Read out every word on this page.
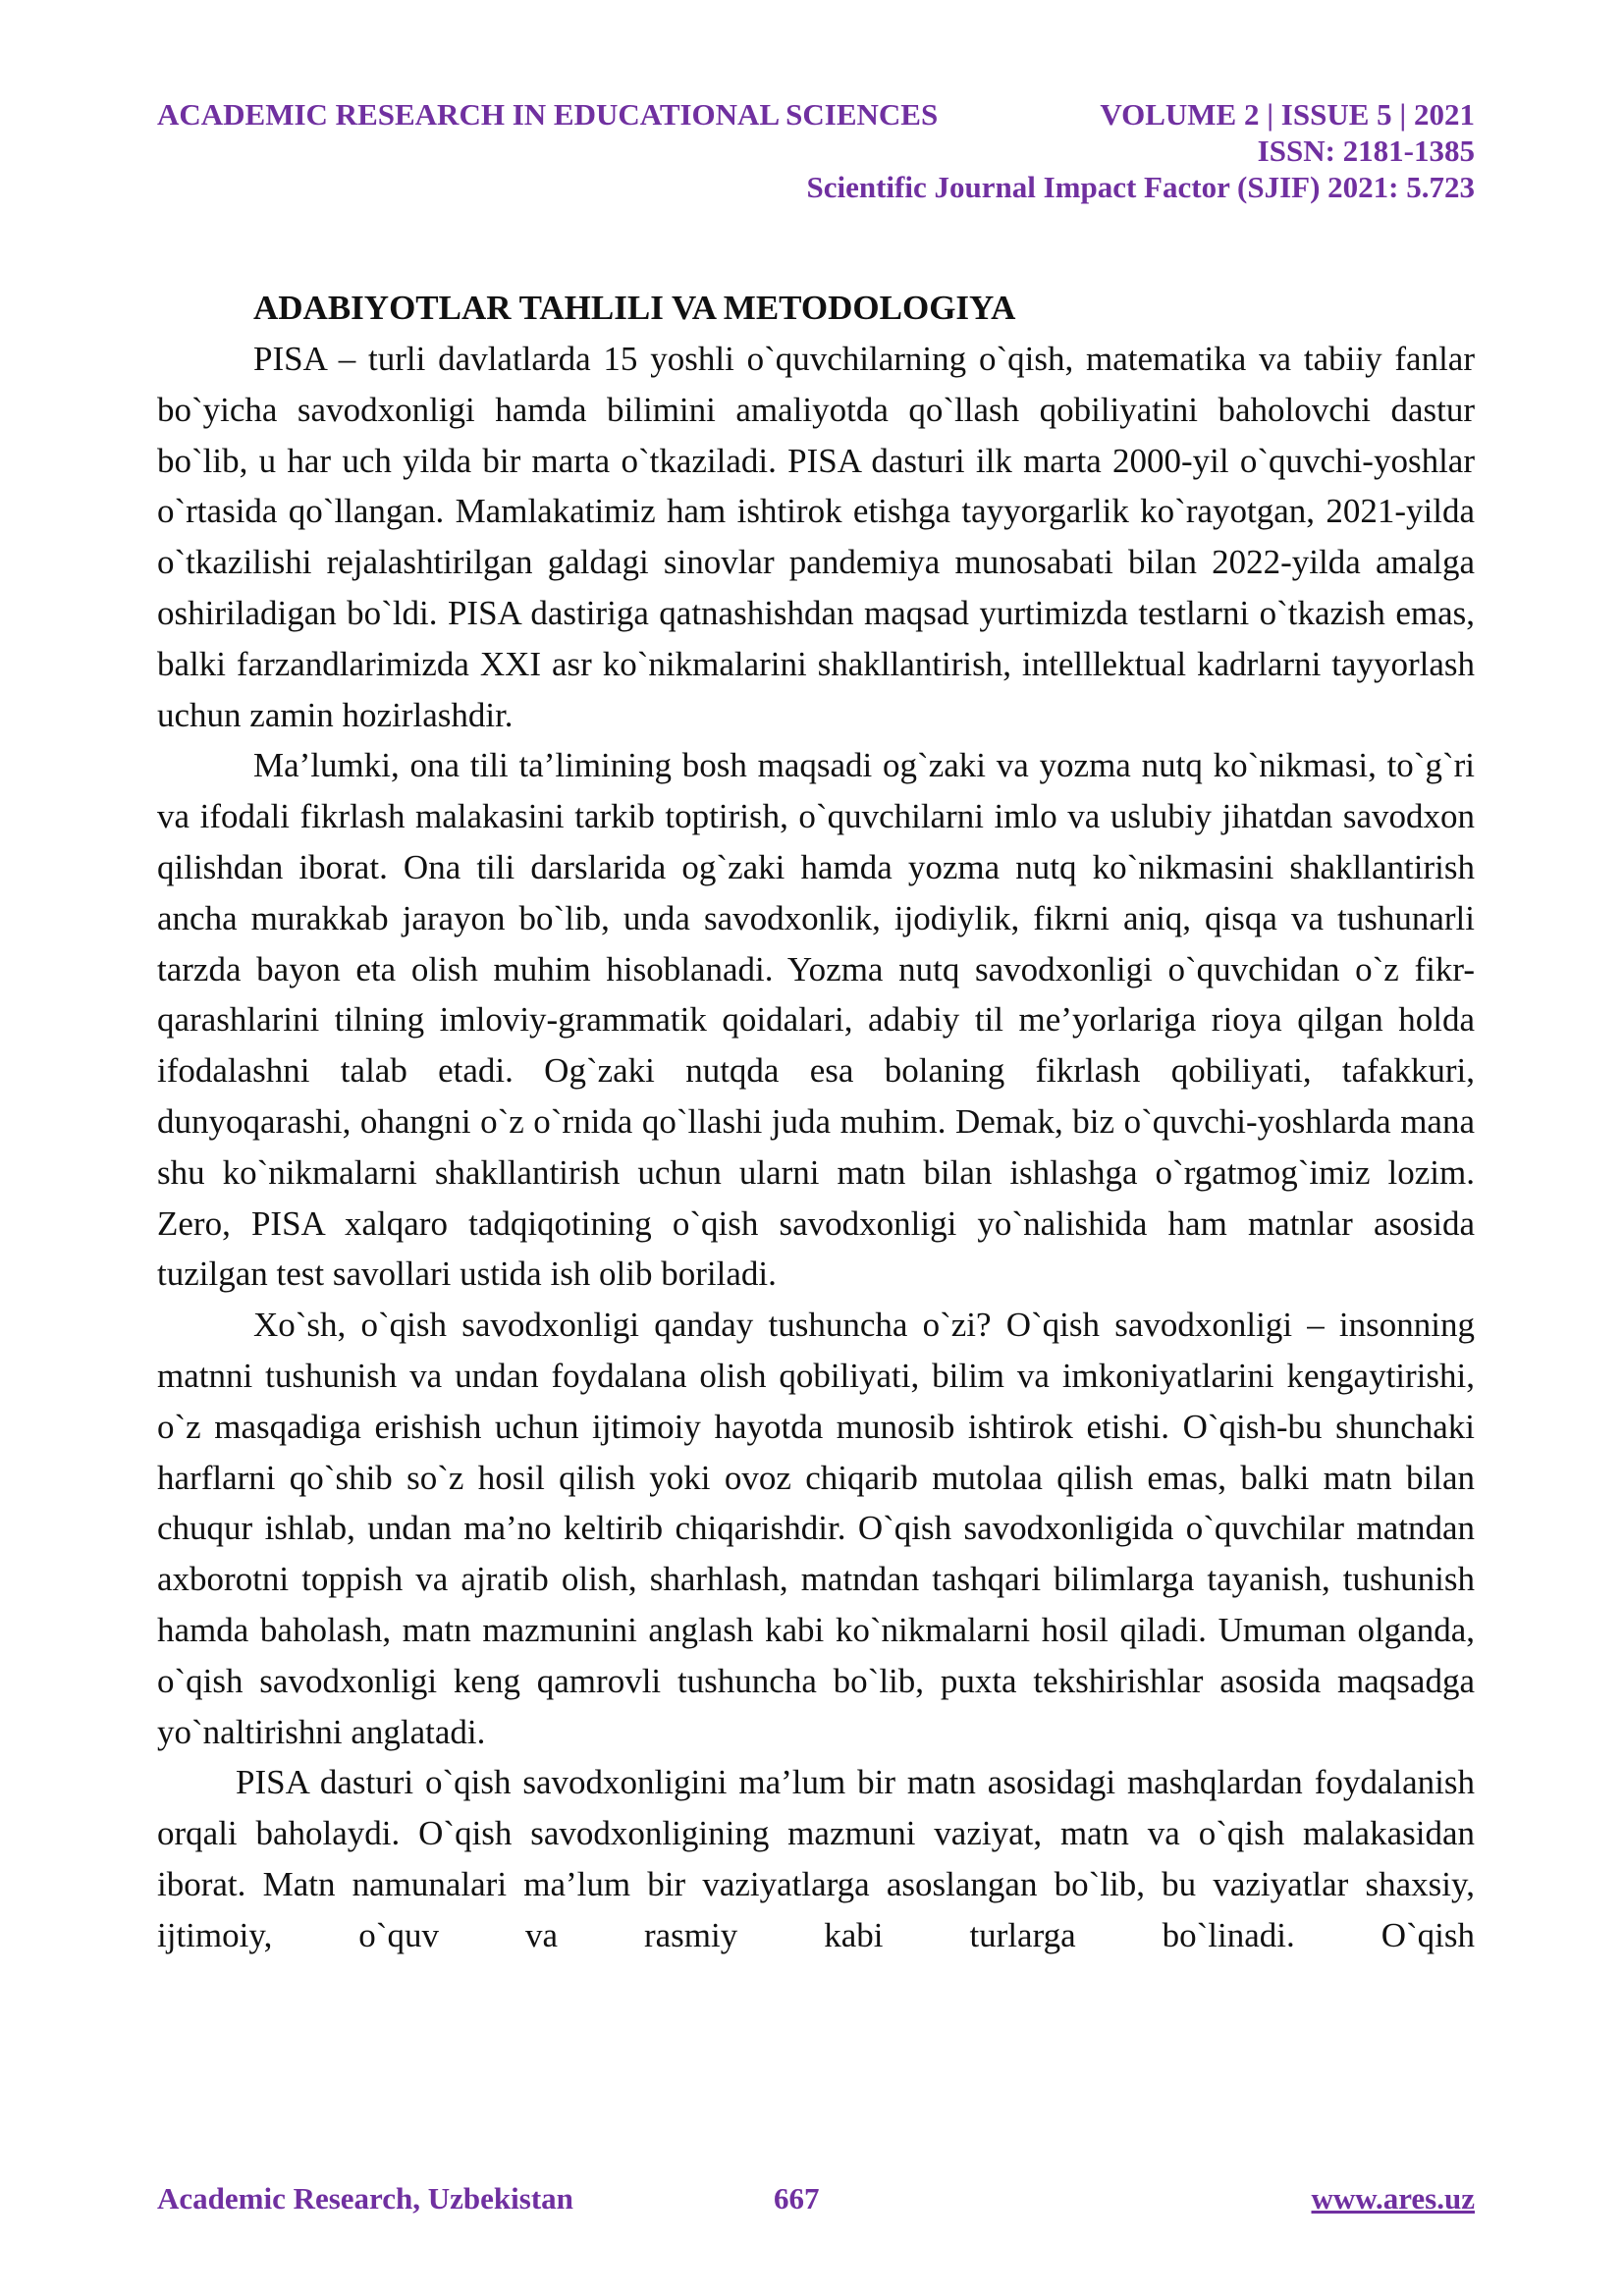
ACADEMIC RESEARCH IN EDUCATIONAL SCIENCES	VOLUME 2 | ISSUE 5 | 2021
ISSN: 2181-1385
Scientific Journal Impact Factor (SJIF) 2021: 5.723
ADABIYOTLAR TAHLILI VA METODOLOGIYA

PISA – turli davlatlarda 15 yoshli o`quvchilarning o`qish, matematika va tabiiy fanlar bo`yicha savodxonligi hamda bilimini amaliyotda qo`llash qobiliyatini baholovchi dastur bo`lib, u har uch yilda bir marta o`tkaziladi. PISA dasturi ilk marta 2000-yil o`quvchi-yoshlar o`rtasida qo`llangan. Mamlakatimiz ham ishtirok etishga tayyorgarlik ko`rayotgan, 2021-yilda o`tkazilishi rejalashtirilgan galdagi sinovlar pandemiya munosabati bilan 2022-yilda amalga oshiriladigan bo`ldi. PISA dastiriga qatnashishdan maqsad yurtimizda testlarni o`tkazish emas, balki farzandlarimizda XXI asr ko`nikmalarini shakllantirish, intelllektual kadrlarni tayyorlash uchun zamin hozirlashdir.

Ma’lumki, ona tili ta’limining bosh maqsadi og`zaki va yozma nutq ko`nikmasi, to`g`ri va ifodali fikrlash malakasini tarkib toptirish, o`quvchilarni imlo va uslubiy jihatdan savodxon qilishdan iborat. Ona tili darslarida og`zaki hamda yozma nutq ko`nikmasini shakllantirish ancha murakkab jarayon bo`lib, unda savodxonlik, ijodiylik, fikrni aniq, qisqa va tushunarli tarzda bayon eta olish muhim hisoblanadi. Yozma nutq savodxonligi o`quvchidan o`z fikr-qarashlarini tilning imloviy-grammatik qoidalari, adabiy til me’yorlariga rioya qilgan holda ifodalashni talab etadi. Og`zaki nutqda esa bolaning fikrlash qobiliyati, tafakkuri, dunyoqarashi, ohangni o`z o`rnida qo`llashi juda muhim. Demak, biz o`quvchi-yoshlarda mana shu ko`nikmalarni shakllantirish uchun ularni matn bilan ishlashga o`rgatmog`imiz lozim. Zero, PISA xalqaro tadqiqotining o`qish savodxonligi yo`nalishida ham matnlar asosida tuzilgan test savollari ustida ish olib boriladi.

Xo`sh, o`qish savodxonligi qanday tushuncha o`zi? O`qish savodxonligi – insonning matnni tushunish va undan foydalana olish qobiliyati, bilim va imkoniyatlarini kengaytirishi, o`z masqadiga erishish uchun ijtimoiy hayotda munosib ishtirok etishi. O`qish-bu shunchaki harflarni qo`shib so`z hosil qilish yoki ovoz chiqarib mutolaa qilish emas, balki matn bilan chuqur ishlab, undan ma’no keltirib chiqarishdir. O`qish savodxonligida o`quvchilar matndan axborotni toppish va ajratib olish, sharhlash, matndan tashqari bilimlarga tayanish, tushunish hamda baholash, matn mazmunini anglash kabi ko`nikmalarni hosil qiladi. Umuman olganda, o`qish savodxonligi keng qamrovli tushuncha bo`lib, puxta tekshirishlar asosida maqsadga yo`naltirishni anglatadi.

PISA dasturi o`qish savodxonligini ma’lum bir matn asosidagi mashqlardan foydalanish orqali baholaydi. O`qish savodxonligining mazmuni vaziyat, matn va o`qish malakasidan iborat. Matn namunalari ma’lum bir vaziyatlarga asoslangan bo`lib, bu vaziyatlar shaxsiy, ijtimoiy, o`quv va rasmiy kabi turlarga bo`linadi. O`qish

Academic Research, Uzbekistan	667	www.ares.uz
